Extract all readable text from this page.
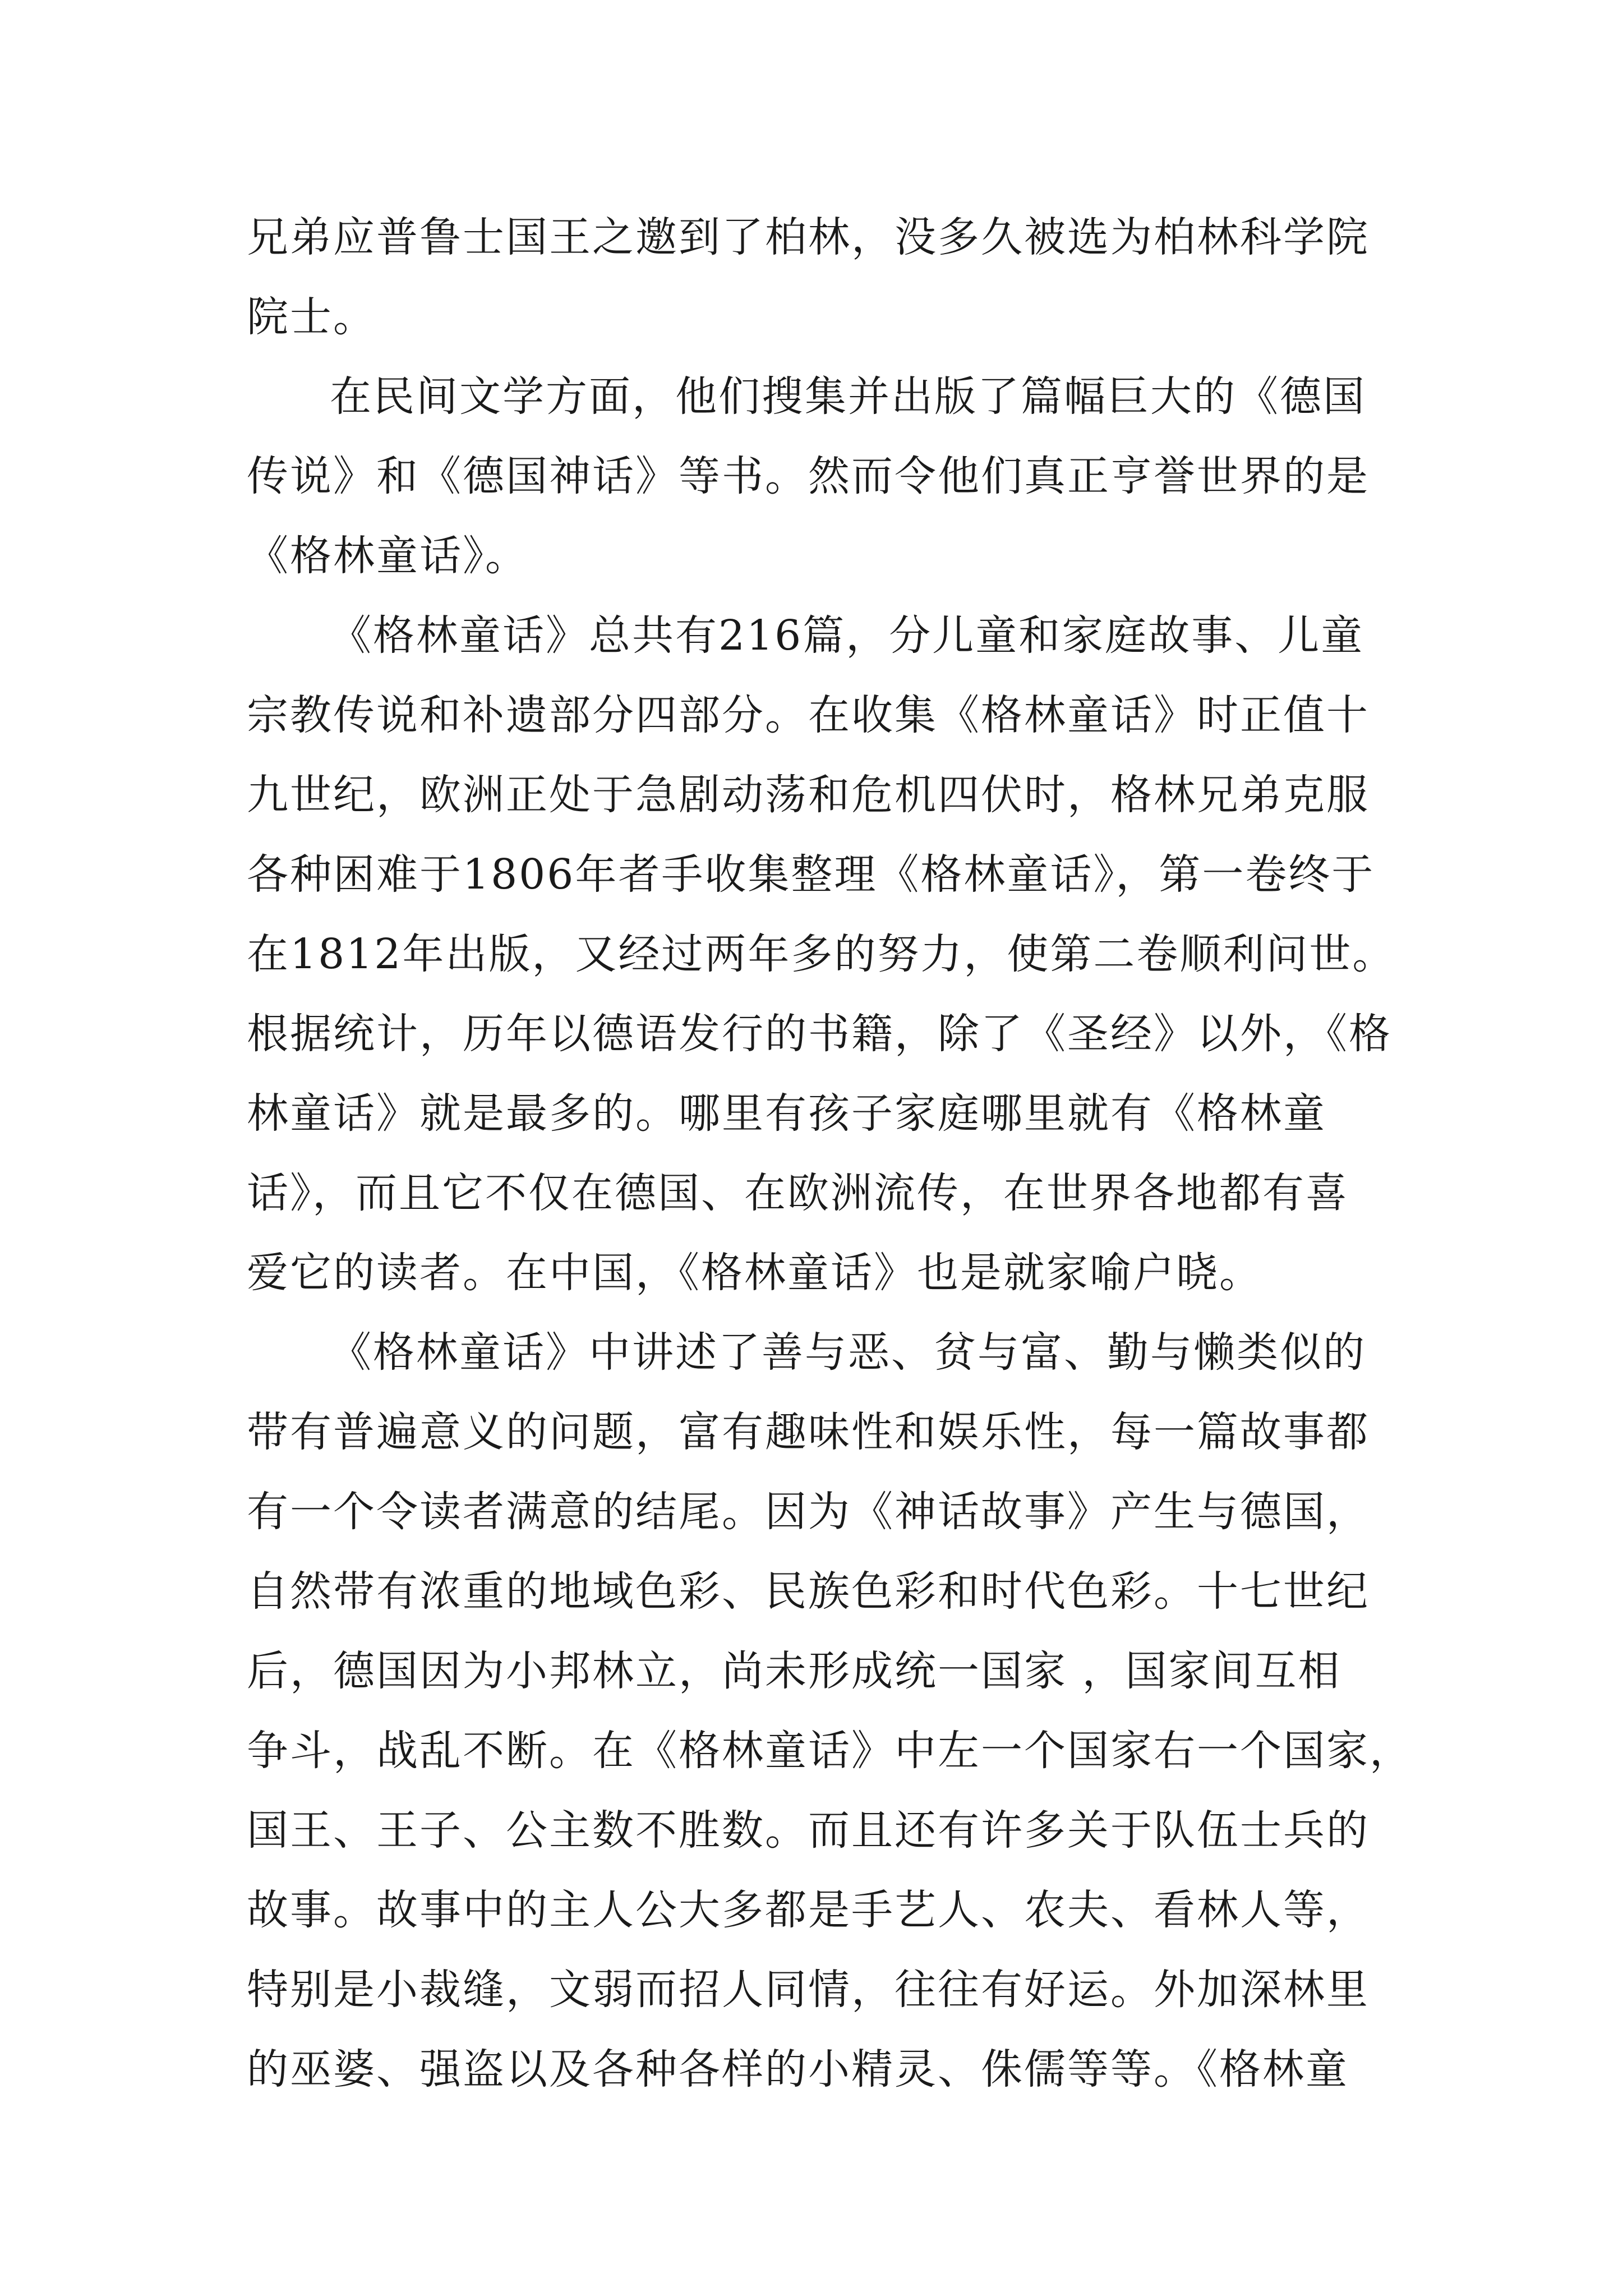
兄弟应普鲁士国王之邀到了柏林，没多久被选为柏林科学院
院士。
在民间文学方面，他们搜集并出版了篇幅巨大的《德国
传说》和《德国神话》等书。然而令他们真正亨誉世界的是
《格林童话》。
《格林童话》总共有216篇，分儿童和家庭故事、儿童
宗教传说和补遗部分四部分。在收集《格林童话》时正值十
九世纪，欧洲正处于急剧动荡和危机四伏时，格林兄弟克服
各种困难于1806年者手收集整理《格林童话》，第一卷终于
在1812年出版，又经过两年多的努力，使第二卷顺利问世。
根据统计，历年以德语发行的书籍，除了《圣经》以外，《格
林童话》就是最多的。哪里有孩子家庭哪里就有《格林童
话》，而且它不仅在德国、在欧洲流传，在世界各地都有喜
爱它的读者。在中国，《格林童话》也是就家喻户晓。
《格林童话》中讲述了善与恶、贫与富、勤与懒类似的
带有普遍意义的问题，富有趣味性和娱乐性，每一篇故事都
有一个令读者满意的结尾。因为《神话故事》产生与德国，
自然带有浓重的地域色彩、民族色彩和时代色彩。十七世纪
后，德国因为小邦林立，尚未形成统一国家 ，国家间互相
争斗，战乱不断。在《格林童话》中左一个国家右一个国家，
国王、王子、公主数不胜数。而且还有许多关于队伍士兵的
故事。故事中的主人公大多都是手艺人、农夫、看林人等，
特别是小裁缝，文弱而招人同情，往往有好运。外加深林里
的巫婆、强盗以及各种各样的小精灵、侏儒等等。《格林童
